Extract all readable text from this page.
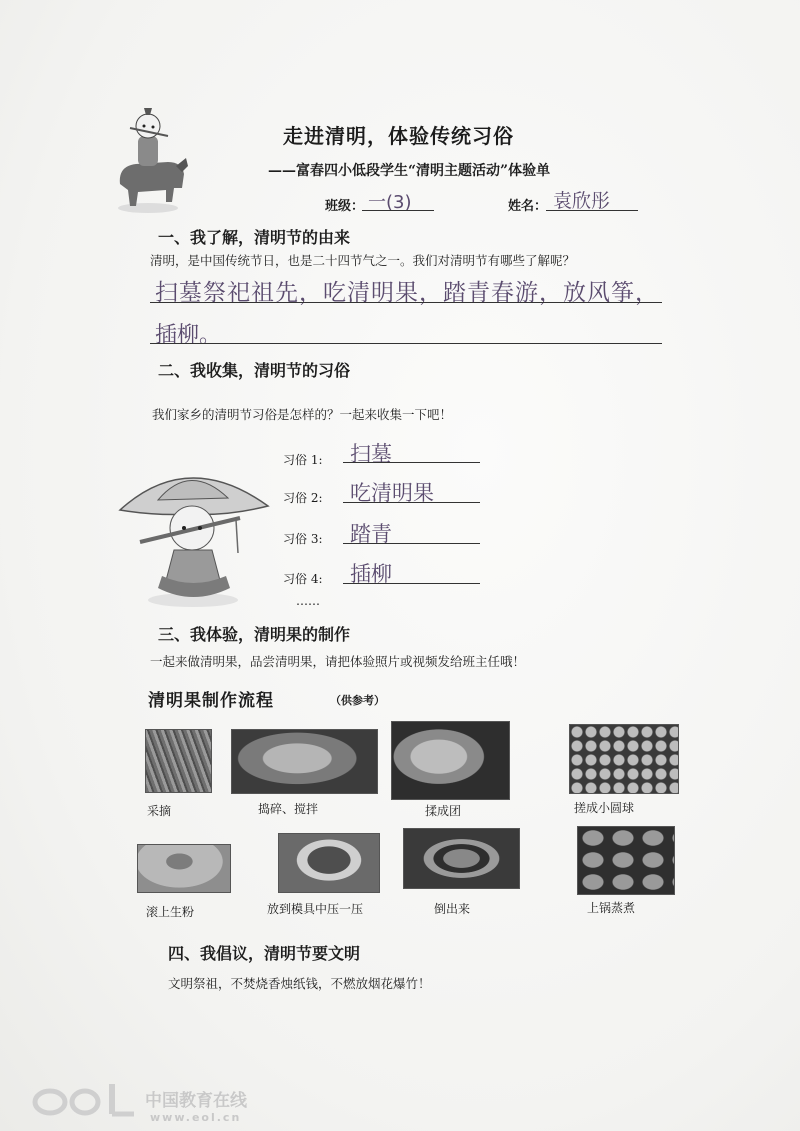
走进清明，体验传统习俗
——富春四小低段学生“清明主题活动”体验单
班级： 一(3)	姓名： 袁欣彤
一、我了解，清明节的由来
清明，是中国传统节日，也是二十四节气之一。我们对清明节有哪些了解呢？
扫墓祭祀祖先，吃清明果，踏青春游，放风筝，
插柳。
二、我收集，清明节的习俗
我们家乡的清明节习俗是怎样的？一起来收集一下吧！
习俗 1: 扫墓
习俗 2: 吃清明果
习俗 3: 踏青
习俗 4: 插柳
……
三、我体验，清明果的制作
一起来做清明果，品尝清明果，请把体验照片或视频发给班主任哦！
清明果制作流程	（供参考）
采摘	捣碎、搅拌	揉成团	搓成小圆球
滚上生粉	放到模具中压一压	倒出来	上锅蒸煮
四、我倡议，清明节要文明
文明祭祖，不焚烧香烛纸钱，不燃放烟花爆竹！
中国教育在线
www.eol.cn
